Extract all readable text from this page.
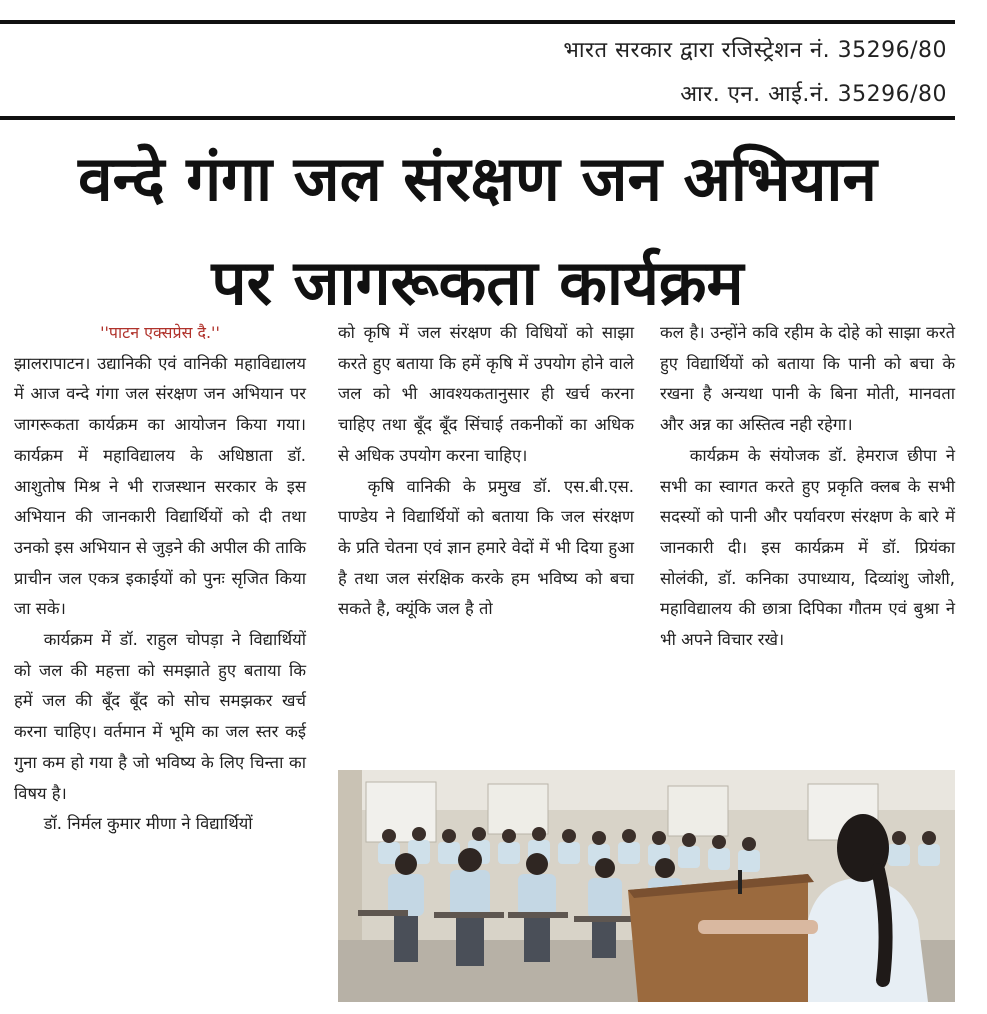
भारत सरकार द्वारा रजिस्ट्रेशन नं. 35296/80
आर. एन. आई.नं. 35296/80
वन्दे गंगा जल संरक्षण जन अभियान
पर जागरूकता कार्यक्रम

''पाटन एक्सप्रेस दै.''

झालरापाटन। उद्यानिकी एवं वानिकी महाविद्यालय में आज वन्दे गंगा जल संरक्षण जन अभियान पर जागरूकता कार्यक्रम का आयोजन किया गया। कार्यक्रम में महाविद्यालय के अधिष्ठाता डॉ. आशुतोष मिश्र ने भी राजस्थान सरकार के इस अभियान की जानकारी विद्यार्थियों को दी तथा उनको इस अभियान से जुड़ने की अपील की ताकि प्राचीन जल एकत्र इकाईयों को पुनः सृजित किया जा सके।

कार्यक्रम में डॉ. राहुल चोपड़ा ने विद्यार्थियों को जल की महत्ता को समझाते हुए बताया कि हमें जल की बूँद बूँद को सोच समझकर खर्च करना चाहिए। वर्तमान में भूमि का जल स्तर कई गुना कम हो गया है जो भविष्य के लिए चिन्ता का विषय है।

डॉ. निर्मल कुमार मीणा ने विद्यार्थियों

को कृषि में जल संरक्षण की विधियों को साझा करते हुए बताया कि हमें कृषि में उपयोग होने वाले जल को भी आवश्यकतानुसार ही खर्च करना चाहिए तथा बूँद बूँद सिंचाई तकनीकों का अधिक से अधिक उपयोग करना चाहिए।

कृषि वानिकी के प्रमुख डॉ. एस.बी.एस. पाण्डेय ने विद्यार्थियों को बताया कि जल संरक्षण के प्रति चेतना एवं ज्ञान हमारे वेदों में भी दिया हुआ है तथा जल संरक्षिक करके हम भविष्य को बचा सकते है, क्यूंकि जल है तो

कल है। उन्होंने कवि रहीम के दोहे को साझा करते हुए विद्यार्थियों को बताया कि पानी को बचा के रखना है अन्यथा पानी के बिना मोती, मानवता और अन्न का अस्तित्व नही रहेगा।

कार्यक्रम के संयोजक डॉ. हेमराज छीपा ने सभी का स्वागत करते हुए प्रकृति क्लब के सभी सदस्यों को पानी और पर्यावरण संरक्षण के बारे में जानकारी दी। इस कार्यक्रम में डॉ. प्रियंका सोलंकी, डॉ. कनिका उपाध्याय, दिव्यांशु जोशी, महाविद्यालय की छात्रा दिपिका गौतम एवं बुश्रा ने भी अपने विचार रखे।
